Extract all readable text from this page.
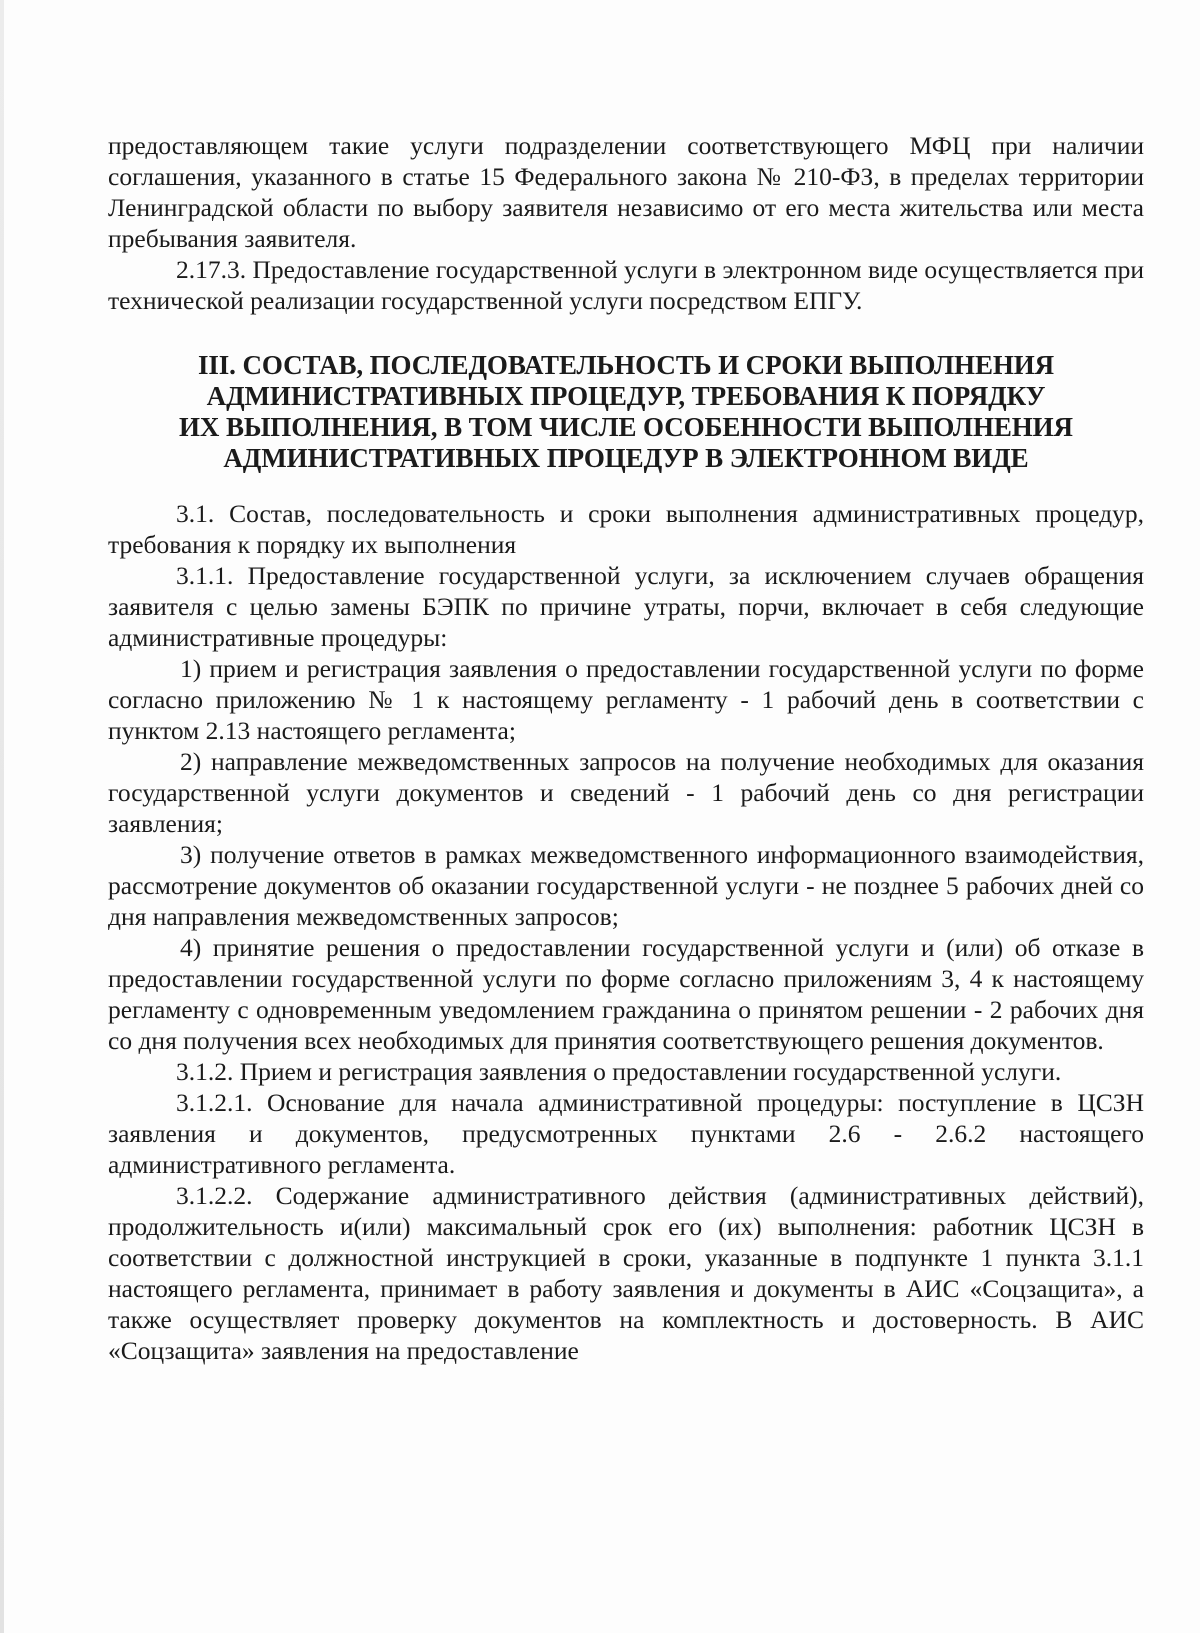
предоставляющем такие услуги подразделении соответствующего МФЦ при наличии соглашения, указанного в статье 15 Федерального закона № 210-ФЗ, в пределах территории Ленинградской области по выбору заявителя независимо от его места жительства или места пребывания заявителя.

2.17.3. Предоставление государственной услуги в электронном виде осуществляется при технической реализации государственной услуги посредством ЕПГУ.

III. СОСТАВ, ПОСЛЕДОВАТЕЛЬНОСТЬ И СРОКИ ВЫПОЛНЕНИЯ
АДМИНИСТРАТИВНЫХ ПРОЦЕДУР, ТРЕБОВАНИЯ К ПОРЯДКУ
ИХ ВЫПОЛНЕНИЯ, В ТОМ ЧИСЛЕ ОСОБЕННОСТИ ВЫПОЛНЕНИЯ
АДМИНИСТРАТИВНЫХ ПРОЦЕДУР В ЭЛЕКТРОННОМ ВИДЕ

3.1. Состав, последовательность и сроки выполнения административных процедур, требования к порядку их выполнения

3.1.1. Предоставление государственной услуги, за исключением случаев обращения заявителя с целью замены БЭПК по причине утраты, порчи, включает в себя следующие административные процедуры:

1) прием и регистрация заявления о предоставлении государственной услуги по форме согласно приложению № 1 к настоящему регламенту - 1 рабочий день в соответствии с пунктом 2.13 настоящего регламента;

2) направление межведомственных запросов на получение необходимых для оказания государственной услуги документов и сведений - 1 рабочий день со дня регистрации заявления;

3) получение ответов в рамках межведомственного информационного взаимодействия, рассмотрение документов об оказании государственной услуги - не позднее 5 рабочих дней со дня направления межведомственных запросов;

4) принятие решения о предоставлении государственной услуги и (или) об отказе в предоставлении государственной услуги по форме согласно приложениям 3, 4 к настоящему регламенту с одновременным уведомлением гражданина о принятом решении - 2 рабочих дня со дня получения всех необходимых для принятия соответствующего решения документов.

3.1.2. Прием и регистрация заявления о предоставлении государственной услуги.

3.1.2.1. Основание для начала административной процедуры: поступление в ЦСЗН заявления и документов, предусмотренных пунктами 2.6 - 2.6.2 настоящего административного регламента.

3.1.2.2. Содержание административного действия (административных действий), продолжительность и(или) максимальный срок его (их) выполнения: работник ЦСЗН в соответствии с должностной инструкцией в сроки, указанные в подпункте 1 пункта 3.1.1 настоящего регламента, принимает в работу заявления и документы в АИС «Соцзащита», а также осуществляет проверку документов на комплектность и достоверность. В АИС «Соцзащита» заявления на предоставление
